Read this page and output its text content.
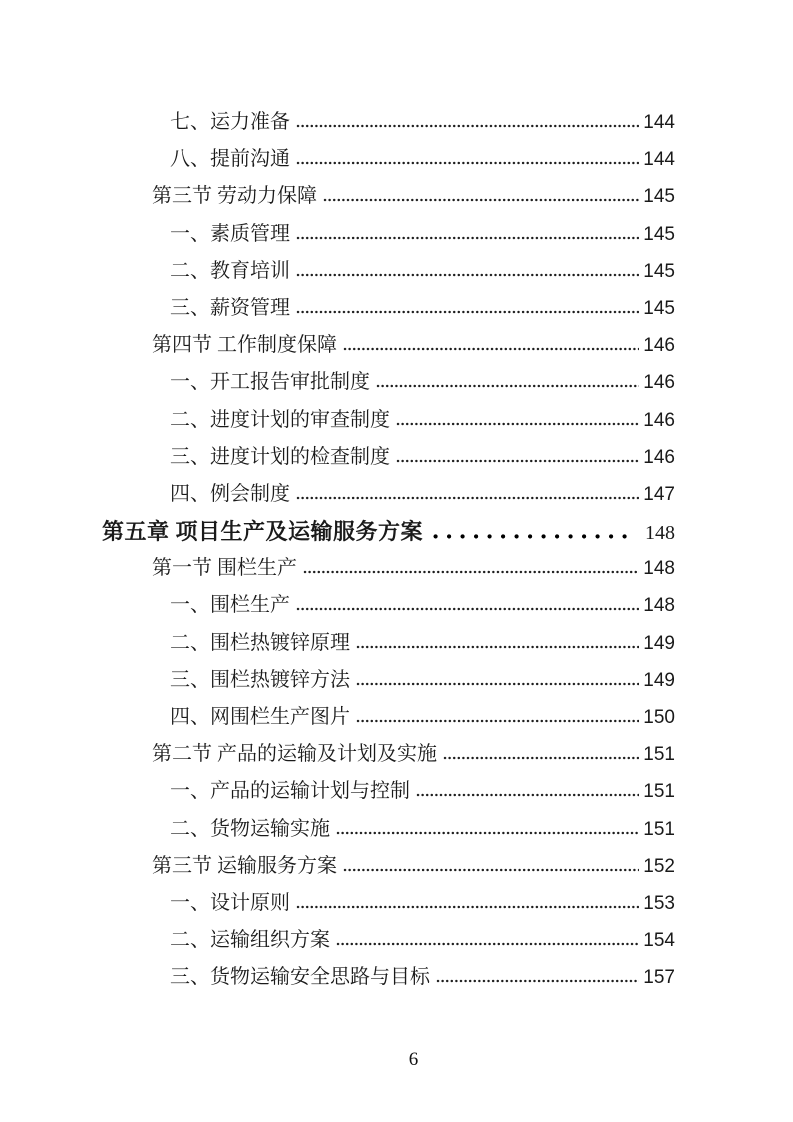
七、运力准备	144
八、提前沟通	144
第三节 劳动力保障	145
一、素质管理	145
二、教育培训	145
三、薪资管理	145
第四节 工作制度保障	146
一、开工报告审批制度	146
二、进度计划的审查制度	146
三、进度计划的检查制度	146
四、例会制度	147
第五章 项目生产及运输服务方案	148
第一节 围栏生产	148
一、围栏生产	148
二、围栏热镀锌原理	149
三、围栏热镀锌方法	149
四、网围栏生产图片	150
第二节 产品的运输及计划及实施	151
一、产品的运输计划与控制	151
二、货物运输实施	151
第三节 运输服务方案	152
一、设计原则	153
二、运输组织方案	154
三、货物运输安全思路与目标	157
6
